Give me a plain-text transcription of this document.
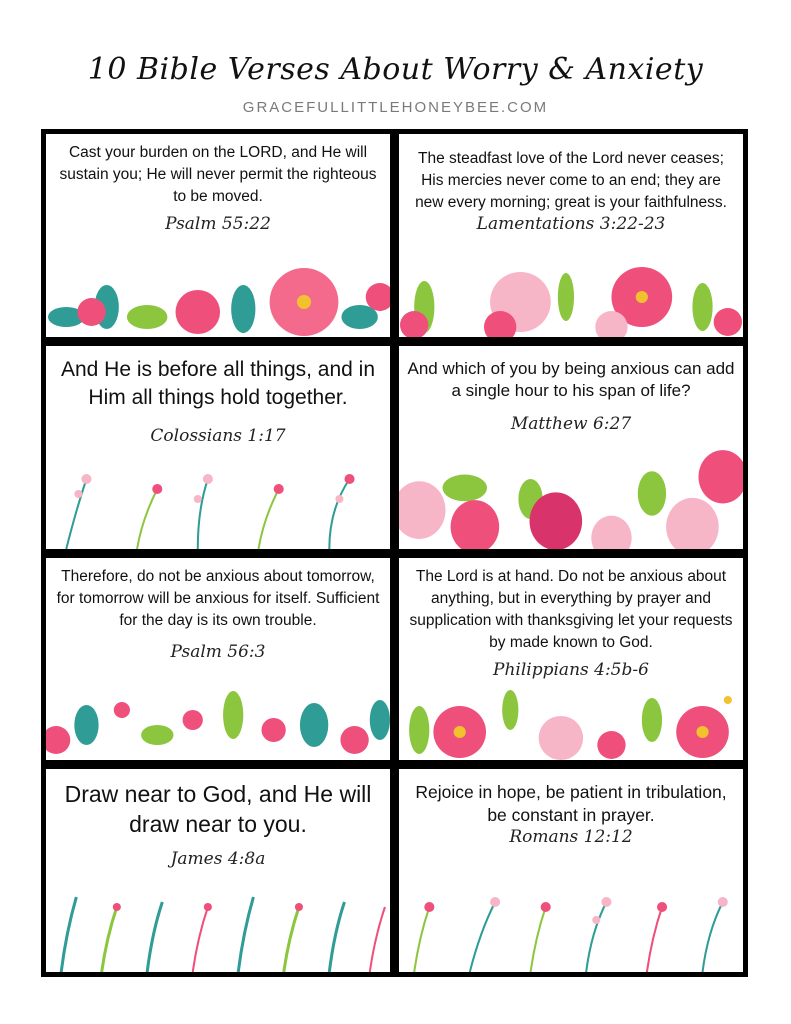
10 Bible Verses About Worry & Anxiety
GRACEFULLITTLEHONEYBEE.COM
Cast your burden on the LORD, and He will sustain you; He will never permit the righteous to be moved.
Psalm 55:22
The steadfast love of the Lord never ceases; His mercies never come to an end; they are new every morning; great is your faithfulness.
Lamentations 3:22-23
And He is before all things, and in Him all things hold together.
Colossians 1:17
And which of you by being anxious can add a single hour to his span of life?
Matthew 6:27
Therefore, do not be anxious about tomorrow, for tomorrow will be anxious for itself. Sufficient for the day is its own trouble.
Psalm 56:3
The Lord is at hand. Do not be anxious about anything, but in everything by prayer and supplication with thanksgiving let your requests by made known to God.
Philippians 4:5b-6
Draw near to God, and He will draw near to you.
James 4:8a
Rejoice in hope, be patient in tribulation, be constant in prayer.
Romans 12:12
